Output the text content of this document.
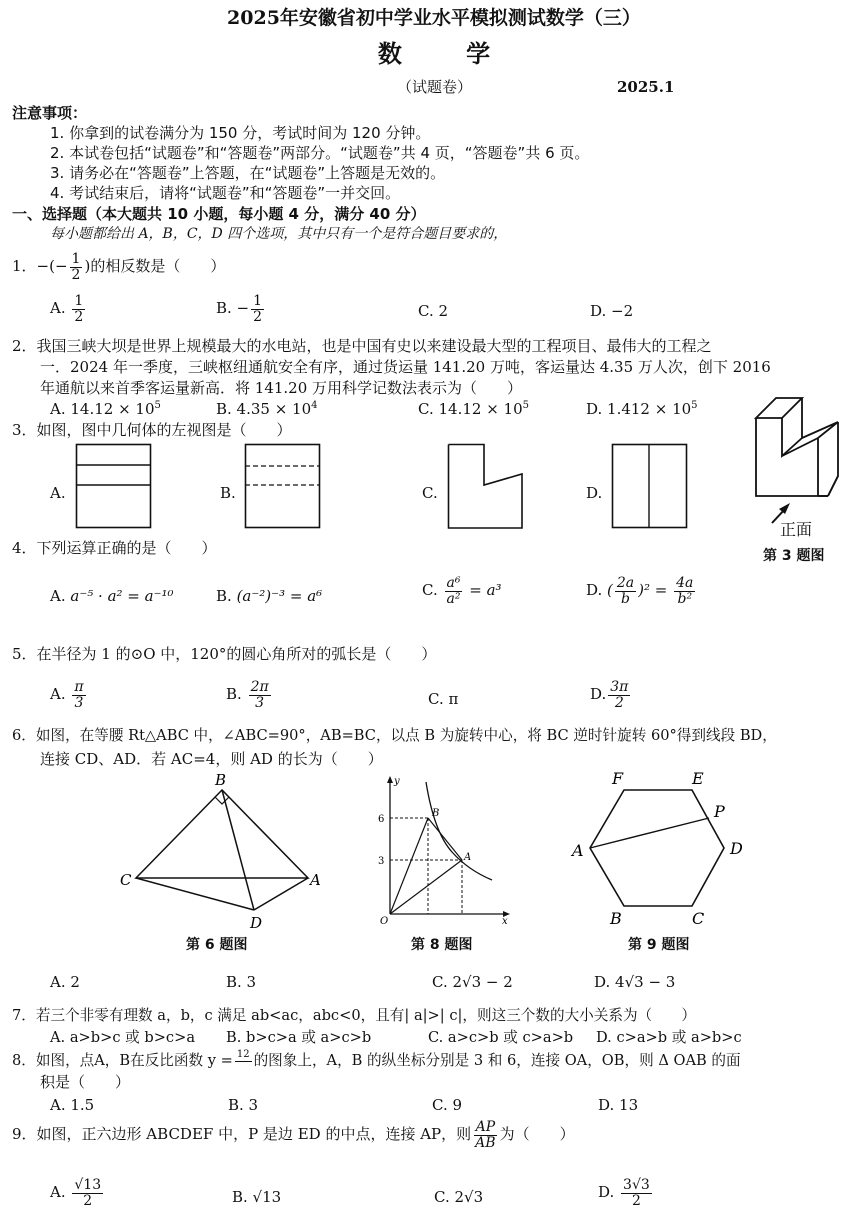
2025年安徽省初中学业水平模拟测试数学（三）
数 学
（试题卷）	2025.1
注意事项：
1. 你拿到的试卷满分为 150 分，考试时间为 120 分钟。
2. 本试卷包括“试题卷”和“答题卷”两部分。“试题卷”共 4 页，“答题卷”共 6 页。
3. 请务必在“答题卷”上答题，在“试题卷”上答题是无效的。
4. 考试结束后，请将“试题卷”和“答题卷”一并交回。
一、选择题（本大题共 10 小题，每小题 4 分，满分 40 分）
每小题都给出 A，B，C，D 四个选项，其中只有一个是符合题目要求的，
1．−(− $\frac{1}{2}$ )的相反数是（　　）
A. $\frac{1}{2}$	B. − $\frac{1}{2}$	C. 2	D. −2
2．我国三峡大坝是世界上规模最大的水电站，也是中国有史以来建设最大型的工程项目、最伟大的工程之
一．2024 年一季度，三峡枢纽通航安全有序，通过货运量 141.20 万吨，客运量达 4.35 万人次，创下 2016
年通航以来首季客运量新高．将 141.20 万用科学记数法表示为（　　）
A. $14.12 \times 10^5$	B. $4.35 \times 10^4$	C. $14.12 \times 10^5$	D. $1.412 \times 10^5$
3．如图，图中几何体的左视图是（　　）
A.	B.	C.	D.
正面
第 3 题图
4．下列运算正确的是（　　）
A. a⁻⁵ · a² = a⁻¹⁰	B. (a⁻²)⁻³ = a⁶	C. $\frac{\text{a⁶}}{\text{a²}} = a^3$	D. ( $\frac{2a}{b} )^2 = \frac{4a}{\text{b²}}$
5．在半径为 1 的⊙O 中，120°的圆心角所对的弧长是（　　）
A. $\frac{\pi}{3}$	B. $\frac{2\pi}{3}$	C. π	D. $\frac{3\pi}{2}$
6．如图，在等腰 Rt△ABC 中，∠ABC=90°，AB=BC，以点 B 为旋转中心，将 BC 逆时针旋转 60°得到线段 BD，
连接 CD、AD．若 AC=4，则 AD 的长为（　　）
B
C	A
D
第 6 题图
y
6
3
B
A
O	x
第 8 题图
F	E
P
D
A
B	C
第 9 题图
A. 2	B. 3	C. 2√3 − 2	D. 4√3 − 3
7．若三个非零有理数 a，b，c 满足 ab<ac，abc<0，且有| a|>| c|，则这三个数的大小关系为（　　）
A. a>b>c 或 b>c>a B. b>c>a 或 a>c>b	C. a>c>b 或 c>a>b D. c>a>b 或 a>b>c
8．如图，点A，B在反比函数 y = 12
的图象上，A，B 的纵坐标分别是 3 和 6，连接 OA，OB，则 Δ OAB 的面
积是（　　）
A. 1.5	B. 3	C. 9	D. 13
9．如图，正六边形 ABCDEF 中，P 是边 ED 的中点，连接 AP，则 $\frac{AP}{AB}$ 为（　　）
A. $\frac{√13}{2}$	B. √13	C. 2√3	D. $\frac{3√3}{2}$
